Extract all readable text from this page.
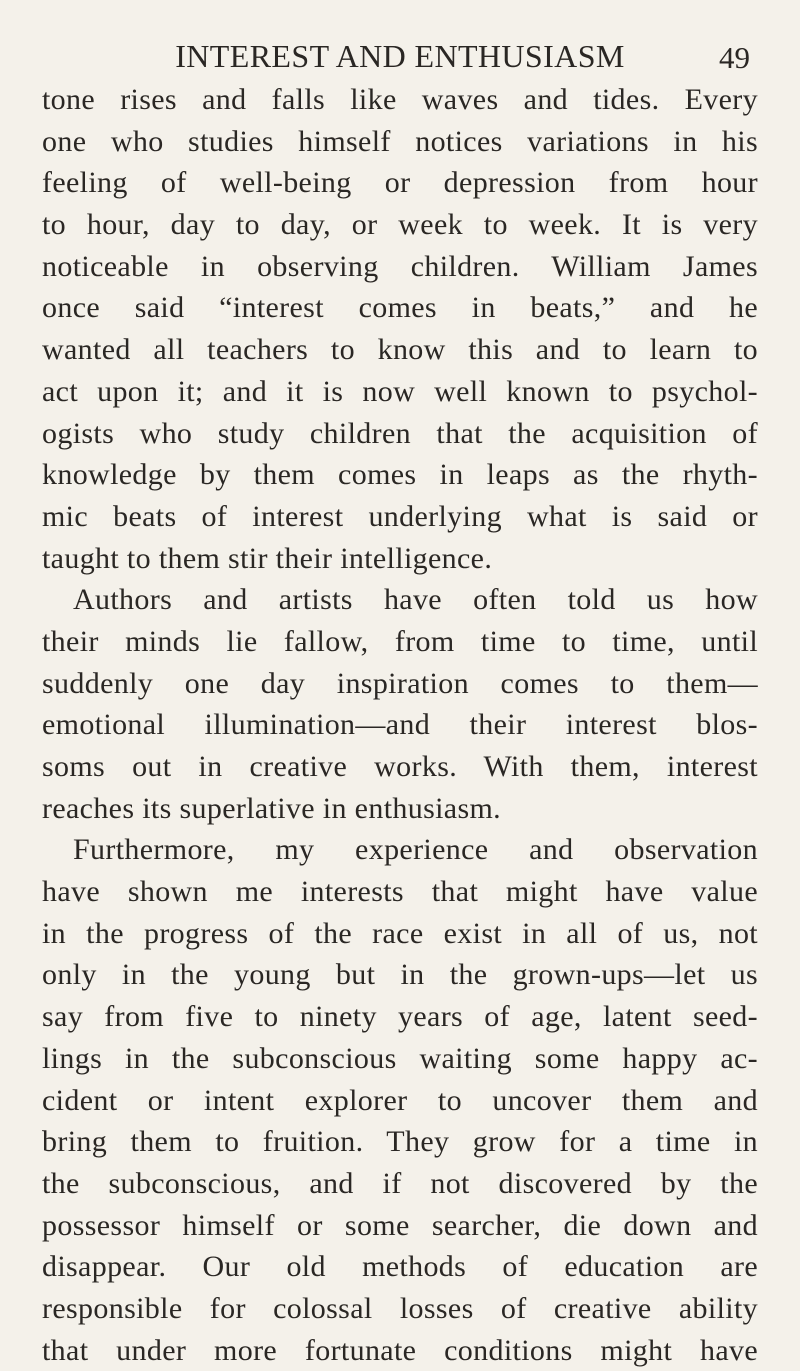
INTEREST AND ENTHUSIASM	49
tone rises and falls like waves and tides. Every
one who studies himself notices variations in his
feeling of well-being or depression from hour
to hour, day to day, or week to week. It is very
noticeable in observing children. William James
once said “interest comes in beats,” and he
wanted all teachers to know this and to learn to
act upon it; and it is now well known to psychol-
ogists who study children that the acquisition of
knowledge by them comes in leaps as the rhyth-
mic beats of interest underlying what is said or
taught to them stir their intelligence.
Authors and artists have often told us how
their minds lie fallow, from time to time, until
suddenly one day inspiration comes to them—
emotional illumination—and their interest blos-
soms out in creative works. With them, interest
reaches its superlative in enthusiasm.
Furthermore, my experience and observation
have shown me interests that might have value
in the progress of the race exist in all of us, not
only in the young but in the grown-ups—let us
say from five to ninety years of age, latent seed-
lings in the subconscious waiting some happy ac-
cident or intent explorer to uncover them and
bring them to fruition. They grow for a time in
the subconscious, and if not discovered by the
possessor himself or some searcher, die down and
disappear. Our old methods of education are
responsible for colossal losses of creative ability
that under more fortunate conditions might have
